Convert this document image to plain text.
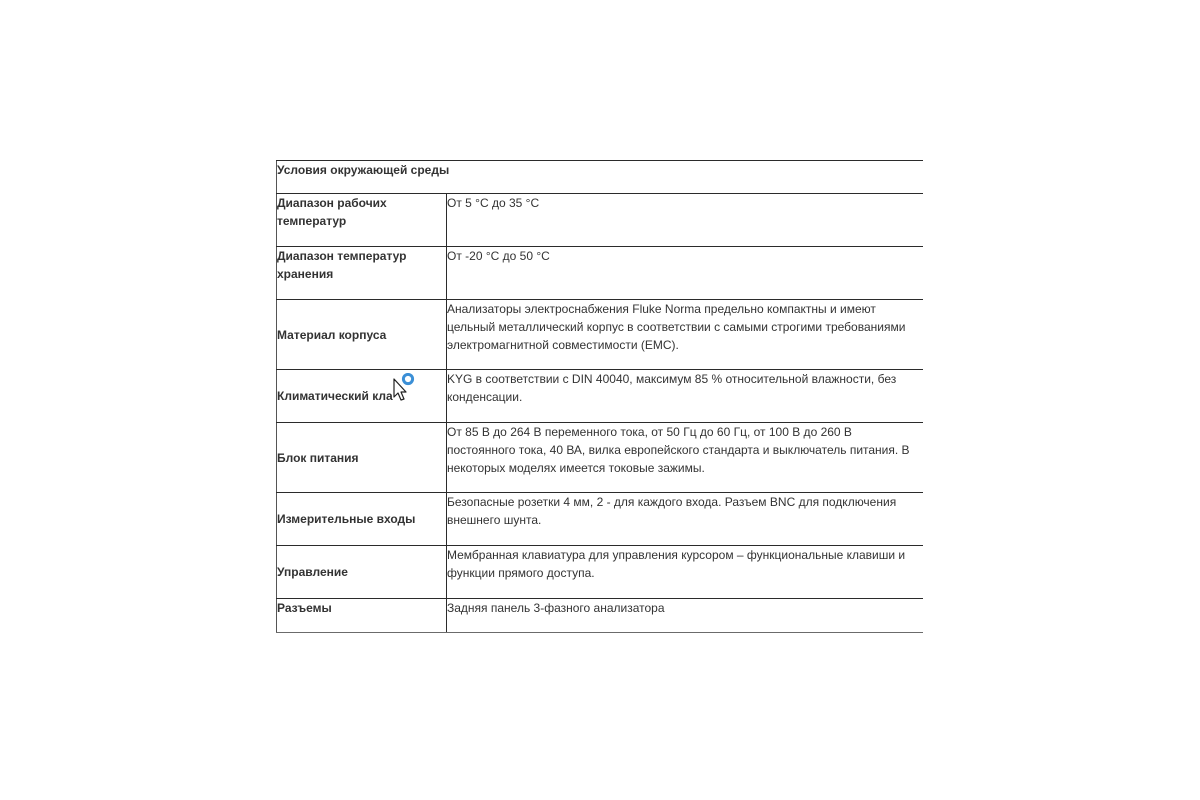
Условия окружающей среды	
Диапазон рабочих температур	От 5 °С до 35 °С
Диапазон температур хранения	От -20 °С до 50 °С
Материал корпуса	Анализаторы электроснабжения Fluke Norma предельно компактны и имеют цельный металлический корпус в соответствии с самыми строгими требованиями электромагнитной совместимости (EMC).
Климатический кла	KYG в соответствии с DIN 40040, максимум 85 % относительной влажности, без конденсации.
Блок питания	От 85 В до 264 В переменного тока, от 50 Гц до 60 Гц, от 100 В до 260 В постоянного тока, 40 ВА, вилка европейского стандарта и выключатель питания. В некоторых моделях имеется токовые зажимы.
Измерительные входы	Безопасные розетки 4 мм, 2 - для каждого входа. Разъем BNC для подключения внешнего шунта.
Управление	Мембранная клавиатура для управления курсором – функциональные клавиши и функции прямого доступа.
Разъемы	Задняя панель 3-фазного анализатора
